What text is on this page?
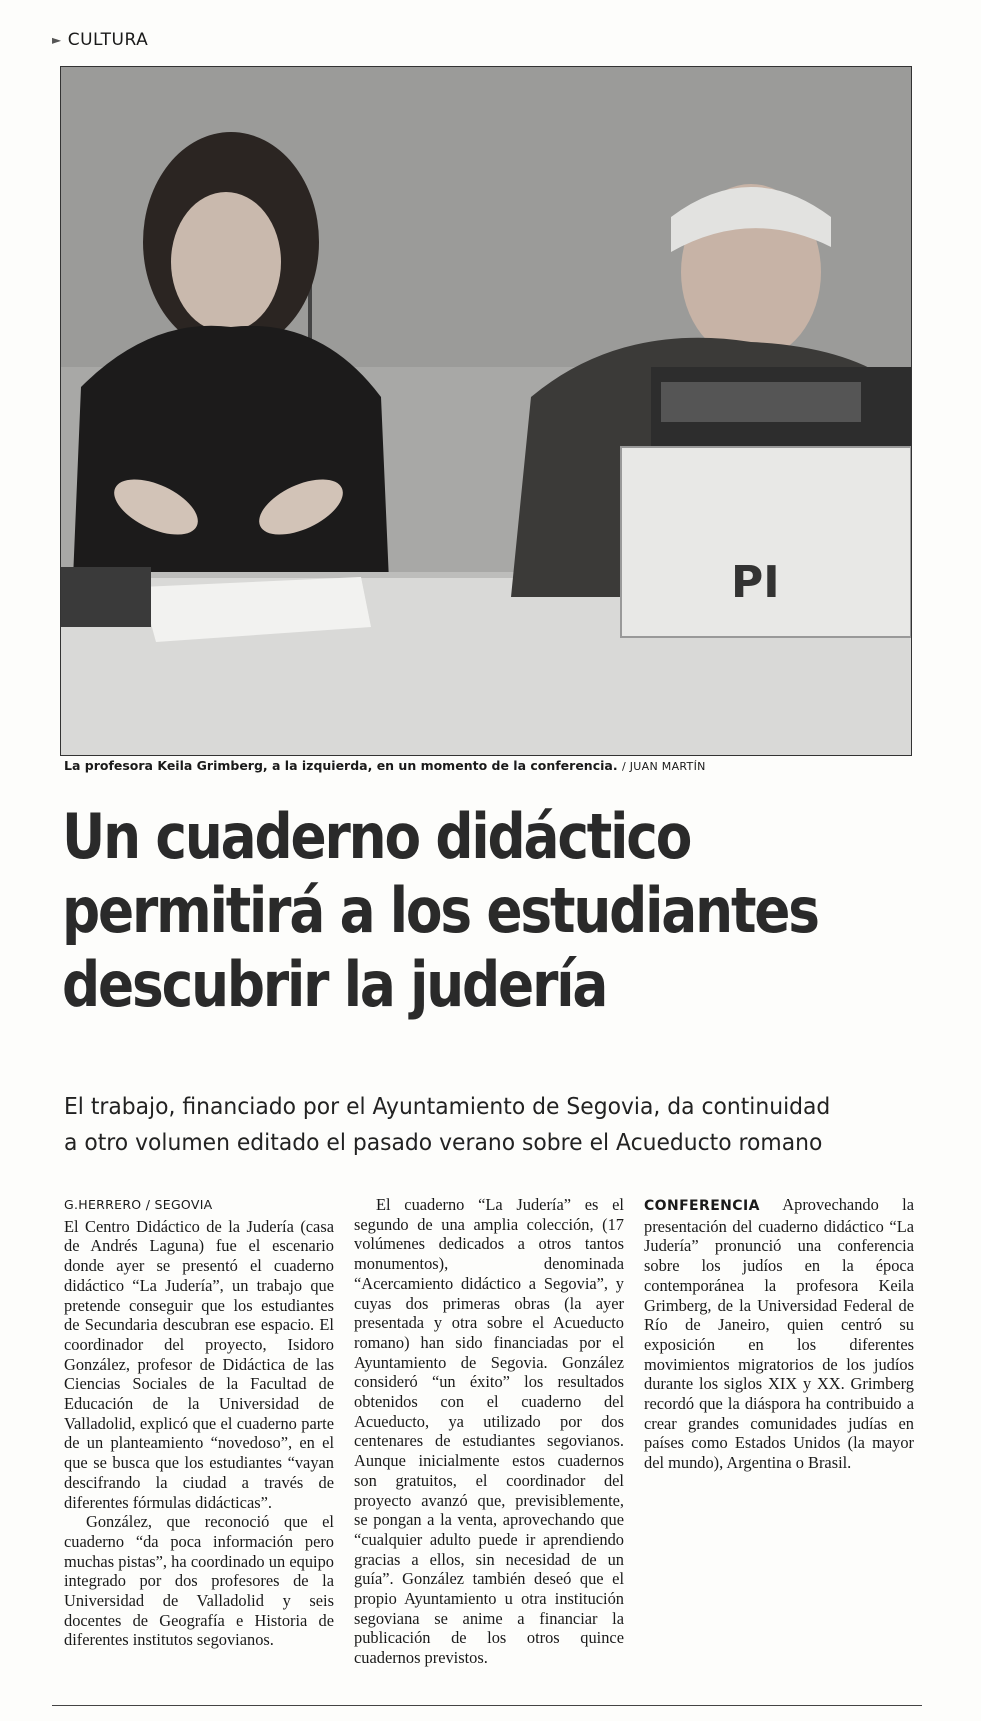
► CULTURA
PI
La profesora Keila Grimberg, a la izquierda, en un momento de la conferencia. / JUAN MARTÍN
Un cuaderno didáctico
permitirá a los estudiantes
descubrir la judería
El trabajo, financiado por el Ayuntamiento de Segovia, da continuidad
a otro volumen editado el pasado verano sobre el Acueducto romano
G.HERRERO / SEGOVIA

El Centro Didáctico de la Judería (casa de Andrés Laguna) fue el escenario donde ayer se presentó el cuaderno didáctico “La Judería”, un trabajo que pretende conseguir que los estudiantes de Secundaria descubran ese espacio. El coordinador del proyecto, Isidoro González, profesor de Didáctica de las Ciencias Sociales de la Facultad de Educación de la Universidad de Valladolid, explicó que el cuaderno parte de un planteamiento “novedoso”, en el que se busca que los estudiantes “vayan descifrando la ciudad a través de diferentes fórmulas didácticas”.

González, que reconoció que el cuaderno “da poca información pero muchas pistas”, ha coordinado un equipo integrado por dos profesores de la Universidad de Valladolid y seis docentes de Geografía e Historia de diferentes institutos segovianos.

El cuaderno “La Judería” es el segundo de una amplia colección, (17 volúmenes dedicados a otros tantos monumentos), denominada “Acercamiento didáctico a Segovia”, y cuyas dos primeras obras (la ayer presentada y otra sobre el Acueducto romano) han sido financiadas por el Ayuntamiento de Segovia. González consideró “un éxito” los resultados obtenidos con el cuaderno del Acueducto, ya utilizado por dos centenares de estudiantes segovianos. Aunque inicialmente estos cuadernos son gratuitos, el coordinador del proyecto avanzó que, previsiblemente, se pongan a la venta, aprovechando que “cualquier adulto puede ir aprendiendo gracias a ellos, sin necesidad de un guía”. González también deseó que el propio Ayuntamiento u otra institución segoviana se anime a financiar la publicación de los otros quince cuadernos previstos.

CONFERENCIA Aprovechando la presentación del cuaderno didáctico “La Judería” pronunció una conferencia sobre los judíos en la época contemporánea la profesora Keila Grimberg, de la Universidad Federal de Río de Janeiro, quien centró su exposición en los diferentes movimientos migratorios de los judíos durante los siglos XIX y XX. Grimberg recordó que la diáspora ha contribuido a crear grandes comunidades judías en países como Estados Unidos (la mayor del mundo), Argentina o Brasil.
